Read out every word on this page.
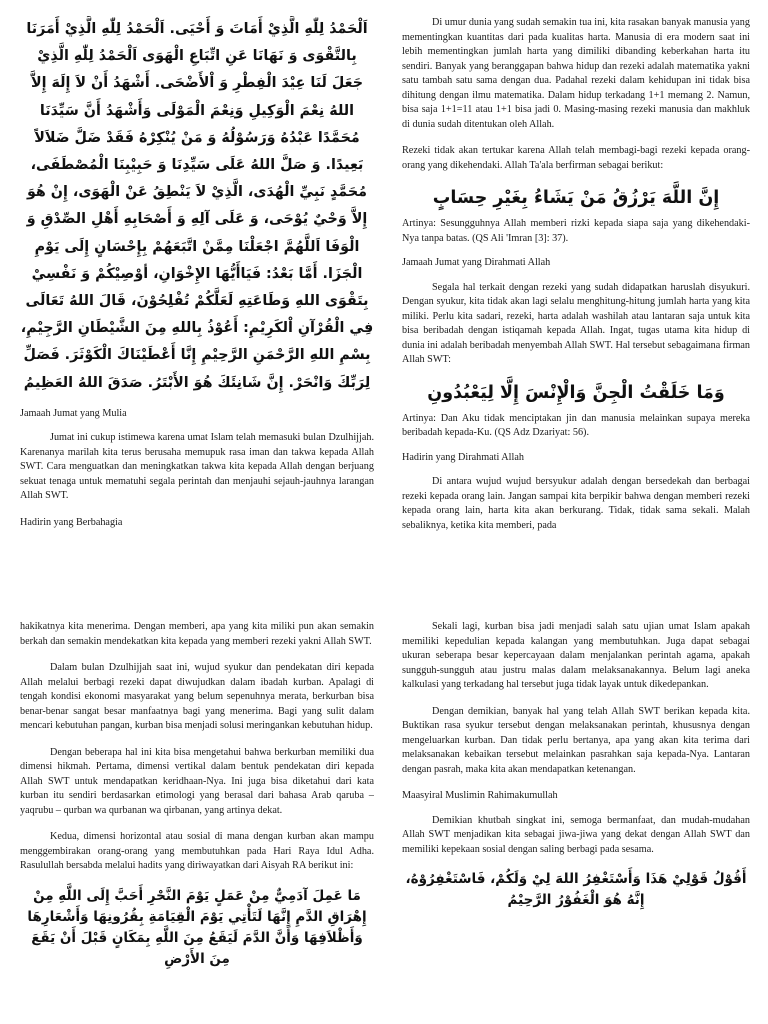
اَلْحَمْدُ لِلّٰهِ الَّذِيْ أَمَاتَ وَ أَحْيَى. اَلْحَمْدُ لِلّٰهِ الَّذِيْ أَمَرَنَا بِالتَّقْوَى وَ نَهَانَا عَنِ اتِّبَاعِ الْهَوَى اَلْحَمْدُ لِلّٰهِ الَّذِيْ جَعَلَ لَنَا عِيْدَ الْفِطْرِ وَ اْلأَضْحَى. أَشْهَدُ أَنْ لاَ إِلَهَ إِلاَّ اللهُ نِعْمَ الْوَكِيلِ وَنِعْمَ الْمَوْلَى وَأَشْهَدُ أَنَّ سَيِّدَنَا مُحَمَّدًا عَبْدُهُ وَرَسُوْلُهُ وَ مَنْ يُنْكِرْهُ فَقَدْ ضَلَّ ضَلاَلاً بَعِيدًا. وَ صَلَّ اللهُ عَلَى سَيِّدِنَا وَ حَبِيْبِنَا الْمُصْطَفَى، مُحَمَّدٍ نَبِيِّ الْهُدَى، الَّذِيْ لاَ يَنْطِقُ عَنْ الْهَوَى، إِنْ هُوَ إِلاَّ وَحْيٌ يُوْحَى، وَ عَلَى آلِهِ وَ أَصْحَابِهِ أَهْلِ الصِّدْقِ وَ الْوَفَا اَللَّهُمَّ اجْعَلْنَا مِمَّنْ اتَّبَعَهُمْ بِإِحْسَانٍ إِلَى يَوْمِ الْجَزَا. أَمَّا بَعْدُ: فَيَاأَيُّهَا الإِخْوَانِ، أوْصِيْكُمْ وَ نَفْسِيْ بِتَقْوَى اللهِ وَطَاعَتِهِ لَعَلَّكُمْ تُفْلِحُوْنَ، قَالَ اللهُ تَعَالَى فِي الْقُرْآنِ اْلكَرِيْمِ: أَعُوْذُ بِاللهِ مِنَ الشَّيْطَانِ الرَّجِيْمِ، بِسْمِ اللهِ الرَّحْمَنِ الرَّحِيْمِ إِنَّا أَعْطَيْنَاكَ الْكَوْثَرَ. فَصَلِّ لِرَبِّكَ وَانْحَرْ. إِنَّ شَانِئَكَ هُوَ الأَبْتَرُ. صَدَقَ اللهُ العَظِيمُ

Jamaah Jumat yang Mulia

Jumat ini cukup istimewa karena umat Islam telah memasuki bulan Dzulhijjah. Karenanya marilah kita terus berusaha memupuk rasa iman dan takwa kepada Allah SWT. Cara menguatkan dan meningkatkan takwa kita kepada Allah dengan berjuang sekuat tenaga untuk mematuhi segala perintah dan menjauhi sejauh-jauhnya larangan Allah SWT.

Hadirin yang Berbahagia

Di umur dunia yang sudah semakin tua ini, kita rasakan banyak manusia yang mementingkan kuantitas dari pada kualitas harta. Manusia di era modern saat ini lebih mementingkan jumlah harta yang dimiliki dibanding keberkahan harta itu sendiri. Banyak yang beranggapan bahwa hidup dan rezeki adalah matematika yakni satu tambah satu sama dengan dua. Padahal rezeki dalam kehidupan ini tidak bisa dihitung dengan ilmu matematika. Dalam hidup terkadang 1+1 memang 2. Namun, bisa saja 1+1=11 atau 1+1 bisa jadi 0. Masing-masing rezeki manusia dan makhluk di dunia sudah ditentukan oleh Allah.

Rezeki tidak akan tertukar karena Allah telah membagi-bagi rezeki kepada orang-orang yang dikehendaki. Allah Ta'ala berfirman sebagai berikut:

إِنَّ اللَّهَ يَرْزُقُ مَنْ يَشَاءُ بِغَيْرِ حِسَابٍ

Artinya: Sesungguhnya Allah memberi rizki kepada siapa saja yang dikehendaki-Nya tanpa batas. (QS Ali 'Imran [3]: 37).
Jamaah Jumat yang Dirahmati Allah

Segala hal terkait dengan rezeki yang sudah didapatkan haruslah disyukuri. Dengan syukur, kita tidak akan lagi selalu menghitung-hitung jumlah harta yang kita miliki. Perlu kita sadari, rezeki, harta adalah washilah atau lantaran saja untuk kita bisa beribadah dengan istiqamah kepada Allah. Ingat, tugas utama kita hidup di dunia ini adalah beribadah menyembah Allah SWT. Hal tersebut sebagaimana firman Allah SWT:

وَمَا خَلَقْتُ الْجِنَّ وَالْإِنْسَ إِلَّا لِيَعْبُدُونِ

Artinya: Dan Aku tidak menciptakan jin dan manusia melainkan supaya mereka beribadah kepada-Ku. (QS Adz Dzariyat: 56).
Hadirin yang Dirahmati Allah

Di antara wujud wujud bersyukur adalah dengan bersedekah dan berbagai rezeki kepada orang lain. Jangan sampai kita berpikir bahwa dengan memberi rezeki kepada orang lain, harta kita akan berkurang. Tidak, tidak sama sekali. Malah sebaliknya, ketika kita memberi, pada

hakikatnya kita menerima. Dengan memberi, apa yang kita miliki pun akan semakin berkah dan semakin mendekatkan kita kepada yang memberi rezeki yakni Allah SWT.

Dalam bulan Dzulhijjah saat ini, wujud syukur dan pendekatan diri kepada Allah melalui berbagi rezeki dapat diwujudkan dalam ibadah kurban. Apalagi di tengah kondisi ekonomi masyarakat yang belum sepenuhnya merata, berkurban bisa benar-benar sangat besar manfaatnya bagi yang menerima. Bagi yang sulit dalam mencari kebutuhan pangan, kurban bisa menjadi solusi meringankan kebutuhan hidup.

Dengan beberapa hal ini kita bisa mengetahui bahwa berkurban memiliki dua dimensi hikmah. Pertama, dimensi vertikal dalam bentuk pendekatan diri kepada Allah SWT untuk mendapatkan keridhaan-Nya. Ini juga bisa diketahui dari kata kurban itu sendiri berdasarkan etimologi yang berasal dari bahasa Arab qaruba – yaqrubu – qurban wa qurbanan wa qirbanan, yang artinya dekat.

Kedua, dimensi horizontal atau sosial di mana dengan kurban akan mampu menggembirakan orang-orang yang membutuhkan pada Hari Raya Idul Adha. Rasulullah bersabda melalui hadits yang diriwayatkan dari Aisyah RA berikut ini:

مَا عَمِلَ آدَمِيٌّ مِنْ عَمَلٍ يَوْمَ النَّحْرِ أَحَبَّ إِلَى اللَّهِ مِنْ إِهْرَاقِ الدَّمِ إِنَّهَا لَتَأْتِي يَوْمَ الْقِيَامَةِ بِقُرُونِهَا وَأَشْعَارِهَا وَأَظْلاَفِهَا وَأَنَّ الدَّمَ لَيَقَعُ مِنَ اللَّهِ بِمَكَانٍ قَبْلَ أَنْ يَقَعَ مِنَ الأَرْضِ

Sekali lagi, kurban bisa jadi menjadi salah satu ujian umat Islam apakah memiliki kepedulian kepada kalangan yang membutuhkan. Juga dapat sebagai ukuran seberapa besar kepercayaan dalam menjalankan perintah agama, apakah sungguh-sungguh atau justru malas dalam melaksanakannya. Belum lagi aneka kalkulasi yang terkadang hal tersebut juga tidak layak untuk dikedepankan.

Dengan demikian, banyak hal yang telah Allah SWT berikan kepada kita. Buktikan rasa syukur tersebut dengan melaksanakan perintah, khususnya dengan mengeluarkan kurban. Dan tidak perlu bertanya, apa yang akan kita terima dari melaksanakan kebaikan tersebut melainkan pasrahkan saja kepada-Nya. Lantaran dengan pasrah, maka kita akan mendapatkan ketenangan.

Maasyiral Muslimin Rahimakumullah

Demikian khutbah singkat ini, semoga bermanfaat, dan mudah-mudahan Allah SWT menjadikan kita sebagai jiwa-jiwa yang dekat dengan Allah SWT dan memiliki kepekaan sosial dengan saling berbagi pada sesama.

أَقُوْلُ قَوْلِيْ هَذَا وَأَسْتَغْفِرُ اللهَ لِيْ وَلَكُمْ، فَاسْتَغْفِرُوْهُ، إِنَّهُ هُوَ الْغَفُوْرُ الرَّحِيْمُ
